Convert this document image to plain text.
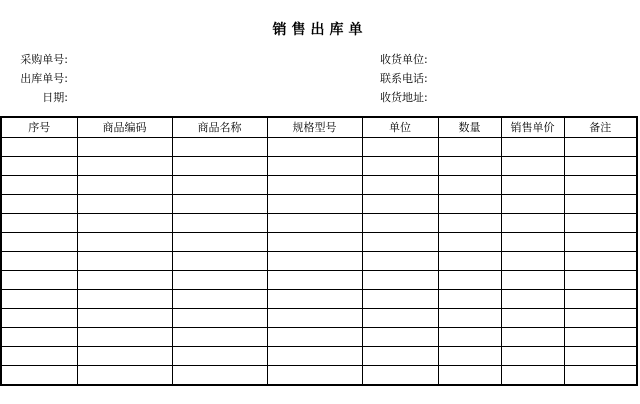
销售出库单
采购单号:
出库单号:
日期:
收货单位:
联系电话:
收货地址:
序号	商品编码	商品名称	规格型号	单位	数量	销售单价	备注
